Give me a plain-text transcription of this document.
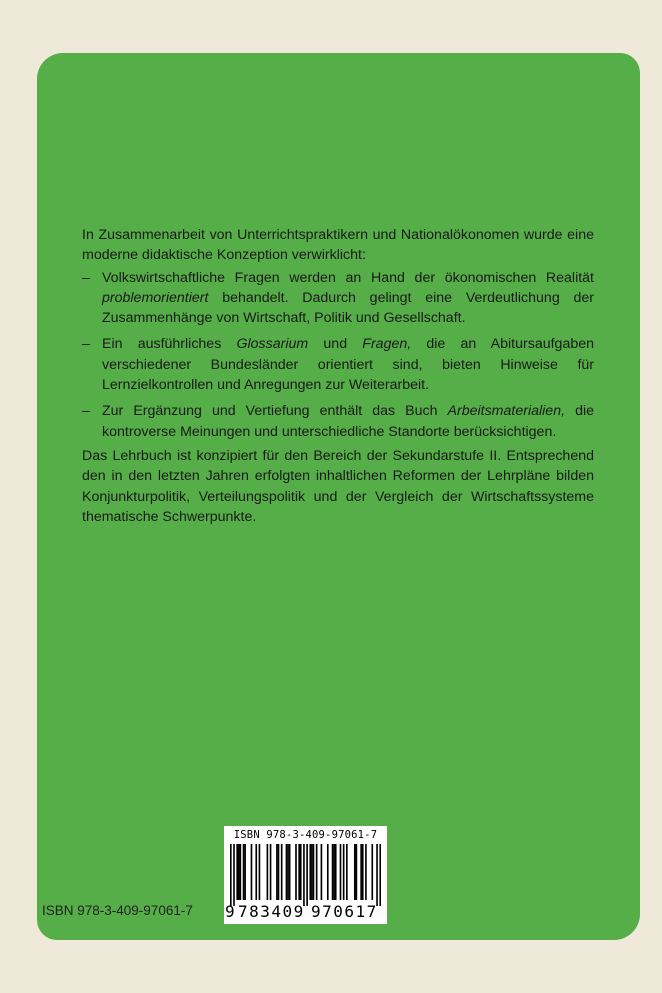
In Zusammenarbeit von Unterrichtspraktikern und Nationalökonomen wurde eine moderne didaktische Konzeption verwirklicht:

– Volkswirtschaftliche Fragen werden an Hand der ökonomischen Realität problemorientiert behandelt. Dadurch gelingt eine Verdeutlichung der Zusammenhänge von Wirtschaft, Politik und Gesellschaft.
– Ein ausführliches Glossarium und Fragen, die an Abitursaufgaben verschiedener Bundesländer orientiert sind, bieten Hinweise für Lernzielkontrollen und Anregungen zur Weiterarbeit.
– Zur Ergänzung und Vertiefung enthält das Buch Arbeitsmaterialien, die kontroverse Meinungen und unterschiedliche Standorte berücksichtigen.

Das Lehrbuch ist konzipiert für den Bereich der Sekundarstufe II. Entsprechend den in den letzten Jahren erfolgten inhaltlichen Reformen der Lehrpläne bilden Konjunkturpolitik, Verteilungspolitik und der Vergleich der Wirtschaftssysteme thematische Schwerpunkte.

ISBN 978-3-409-97061-7
9 783409 970617
ISBN 978-3-409-97061-7
